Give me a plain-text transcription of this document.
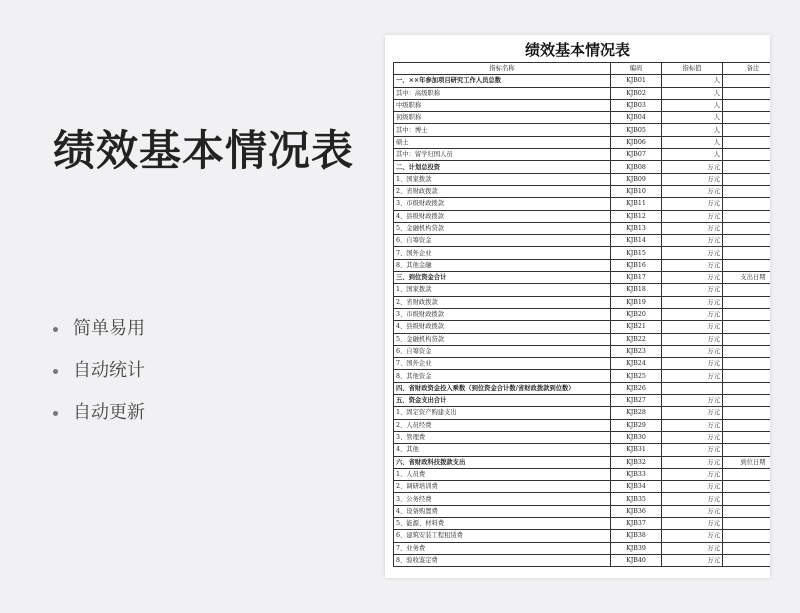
绩效基本情况表
简单易用
自动统计
自动更新
绩效基本情况表
指标名称	编码	指标值	备注
一、××年参加项目研究工作人员总数	KJB01	人	
其中：高级职称	KJB02	人	
中级职称	KJB03	人	
初级职称	KJB04	人	
其中：博士	KJB05	人	
硕士	KJB06	人	
其中：留学归国人员	KJB07	人	
二、计划总投资	KJB08	万元	
1、国家拨款	KJB09	万元	
2、省财政拨款	KJB10	万元	
3、市级财政拨款	KJB11	万元	
4、县级财政拨款	KJB12	万元	
5、金融机构贷款	KJB13	万元	
6、自筹资金	KJB14	万元	
7、国外企业	KJB15	万元	
8、其他金融	KJB16	万元	
三、到位资金合计	KJB17	万元	支出日期
1、国家拨款	KJB18	万元	
2、省财政拨款	KJB19	万元	
3、市级财政拨款	KJB20	万元	
4、县级财政拨款	KJB21	万元	
5、金融机构贷款	KJB22	万元	
6、自筹资金	KJB23	万元	
7、国外企业	KJB24	万元	
8、其他资金	KJB25	万元	
四、省财政资金投入乘数（到位资金合计数/省财政拨款到位数）	KJB26		
五、资金支出合计	KJB27	万元	
1、固定资产购建支出	KJB28	万元	
2、人员经费	KJB29	万元	
3、管理费	KJB30	万元	
4、其他	KJB31	万元	
六、省财政科技拨款支出	KJB32	万元	到位日期
1、人员费	KJB33	万元	
2、调研培训费	KJB34	万元	
3、公务经费	KJB35	万元	
4、设备购置费	KJB36	万元	
5、能源、材料费	KJB37	万元	
6、建筑安装工程租赁费	KJB38	万元	
7、业务费	KJB39	万元	
8、验收鉴定费	KJB40	万元	
